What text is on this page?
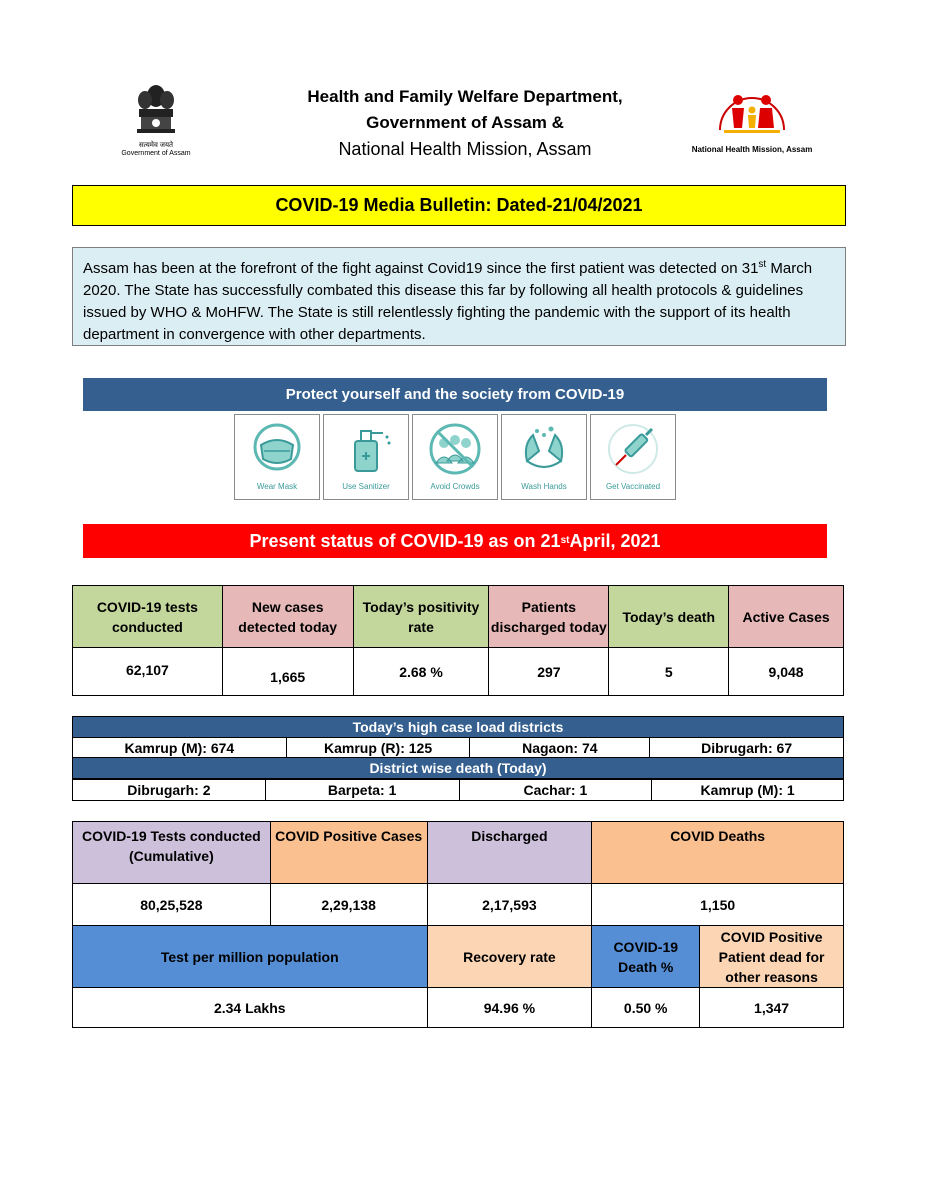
सत्यमेव जयते
Government of Assam
Health and Family Welfare Department,
Government of Assam &
National Health Mission, Assam	National Health Mission, Assam
COVID-19 Media Bulletin: Dated-21/04/2021
Assam has been at the forefront of the fight against Covid19 since the first patient was detected on 31st March 2020. The State has successfully combated this disease this far by following all health protocols & guidelines issued by WHO & MoHFW. The State is still relentlessly fighting the pandemic with the support of its health department in convergence with other departments.
Protect yourself and the society from COVID-19
Wear Mask	Use Sanitizer	Avoid Crowds	Wash Hands	Get Vaccinated
Present status of COVID-19 as on 21 st April, 2021
COVID-19 tests conducted	New cases detected today	Today’s positivity rate	Patients discharged today	Today’s death	Active Cases
62,107	1,665	2.68 %	297	5	9,048
Today’s high case load districts
Kamrup (M): 674	Kamrup (R): 125	Nagaon: 74	Dibrugarh: 67
District wise death (Today)
Dibrugarh: 2	Barpeta: 1	Cachar: 1	Kamrup (M): 1
COVID-19 Tests conducted (Cumulative)	COVID Positive Cases	Discharged	COVID Deaths	
80,25,528	2,29,138	2,17,593	1,150	
Test per million population		Recovery rate	COVID-19 Death %	COVID Positive Patient dead for other reasons
2.34 Lakhs		94.96 %	0.50 %	1,347
